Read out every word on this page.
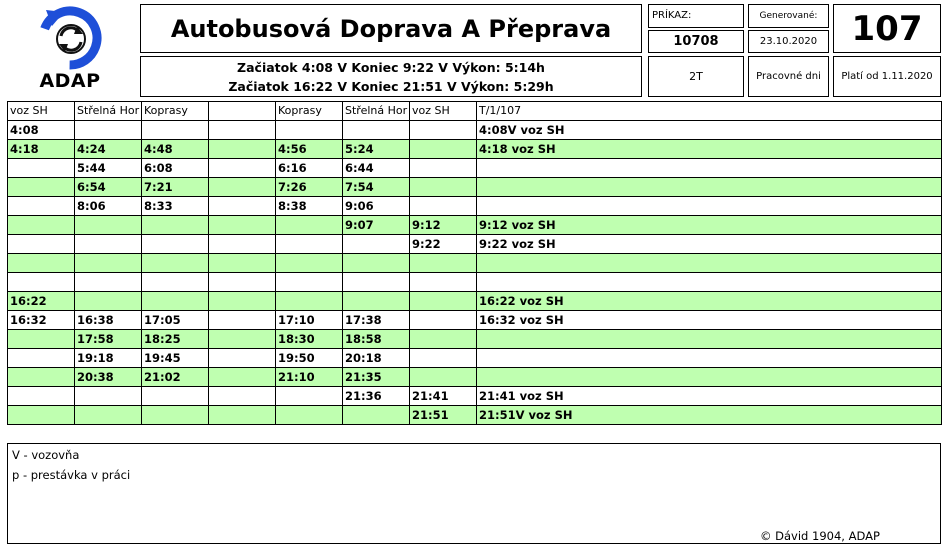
ADAP
Autobusová Doprava A Přeprava
Začiatok 4:08 V Koniec 9:22 V Výkon: 5:14h
Začiatok 16:22 V Koniec 21:51 V Výkon: 5:29h
PRÍKAZ:
10708
Generované:
23.10.2020	107
2T	Pracovné dni	Platí od 1.11.2020
voz SH	Střelná Hor	Koprasy		Koprasy	Střelná Hor	voz SH	T/1/107
4:08							4:08V voz SH
4:18	4:24	4:48		4:56	5:24		4:18 voz SH
	5:44	6:08		6:16	6:44		
	6:54	7:21		7:26	7:54		
	8:06	8:33		8:38	9:06		
					9:07	9:12	9:12 voz SH
						9:22	9:22 voz SH

16:22							16:22 voz SH
16:32	16:38	17:05		17:10	17:38		16:32 voz SH
	17:58	18:25		18:30	18:58		
	19:18	19:45		19:50	20:18		
	20:38	21:02		21:10	21:35		
					21:36	21:41	21:41 voz SH
						21:51	21:51V voz SH
V - vozovňa
p - prestávka v práci
© Dávid 1904, ADAP
